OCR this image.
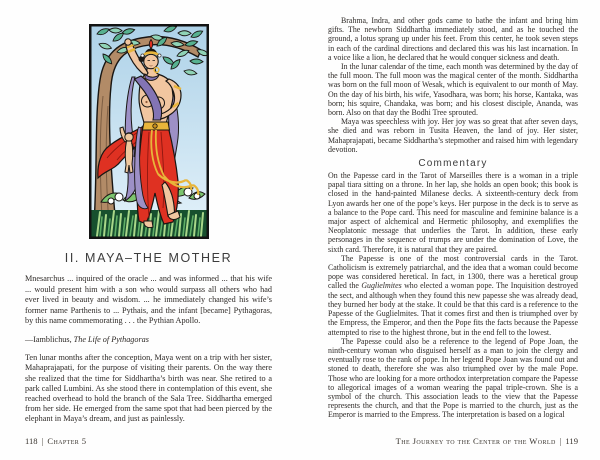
II. MAYA–THE MOTHER

Mnesarchus ... inquired of the oracle ... and was informed ... that his wife ... would present him with a son who would surpass all others who had ever lived in beauty and wisdom. ... he immediately changed his wife’s former name Parthenis to ... Pythais, and the infant [became] Pythagoras, by this name commemorating . . . the Pythian Apollo.

—Iamblichus, The Life of Pythagoras

Ten lunar months after the conception, Maya went on a trip with her sister, Mahaprajapati, for the purpose of visiting their parents. On the way there she realized that the time for Siddhartha’s birth was near. She retired to a park called Lumbini. As she stood there in contemplation of this event, she reached overhead to hold the branch of the Sala Tree. Siddhartha emerged from her side. He emerged from the same spot that had been pierced by the elephant in Maya’s dream, and just as painlessly.

118 | Chapter 5

Brahma, Indra, and other gods came to bathe the infant and bring him gifts. The newborn Siddhartha immediately stood, and as he touched the ground, a lotus sprang up under his feet. From this center, he took seven steps in each of the cardinal directions and declared this was his last incarnation. In a voice like a lion, he declared that he would conquer sickness and death.

In the lunar calendar of the time, each month was determined by the day of the full moon. The full moon was the magical center of the month. Siddhartha was born on the full moon of Wesak, which is equivalent to our month of May. On the day of his birth, his wife, Yasodhara, was born; his horse, Kantaka, was born; his squire, Chandaka, was born; and his closest disciple, Ananda, was born. Also on that day the Bodhi Tree sprouted.

Maya was speechless with joy. Her joy was so great that after seven days, she died and was reborn in Tusita Heaven, the land of joy. Her sister, Mahaprajapati, became Siddhartha’s stepmother and raised him with legendary devotion.

Commentary

On the Papesse card in the Tarot of Marseilles there is a woman in a triple papal tiara sitting on a throne. In her lap, she holds an open book; this book is closed in the hand-painted Milanese decks. A sixteenth-century deck from Lyon awards her one of the pope’s keys. Her purpose in the deck is to serve as a balance to the Pope card. This need for masculine and feminine balance is a major aspect of alchemical and Hermetic philosophy, and exemplifies the Neoplatonic message that underlies the Tarot. In addition, these early personages in the sequence of trumps are under the domination of Love, the sixth card. Therefore, it is natural that they are paired.

The Papesse is one of the most controversial cards in the Tarot. Catholicism is extremely patriarchal, and the idea that a woman could become pope was considered heretical. In fact, in 1300, there was a heretical group called the Guglielmites who elected a woman pope. The Inquisition destroyed the sect, and although when they found this new papesse she was already dead, they burned her body at the stake. It could be that this card is a reference to the Papesse of the Guglielmites. That it comes first and then is triumphed over by the Empress, the Emperor, and then the Pope fits the facts because the Papesse attempted to rise to the highest throne, but in the end fell to the lowest.

The Papesse could also be a reference to the legend of Pope Joan, the ninth-century woman who disguised herself as a man to join the clergy and eventually rose to the rank of pope. In her legend Pope Joan was found out and stoned to death, therefore she was also triumphed over by the male Pope. Those who are looking for a more orthodox interpretation compare the Papesse to allegorical images of a woman wearing the papal triple-crown. She is a symbol of the church. This association leads to the view that the Papesse represents the church, and that the Pope is married to the church, just as the Emperor is married to the Empress. The interpretation is based on a logical

The Journey to the Center of the World | 119
